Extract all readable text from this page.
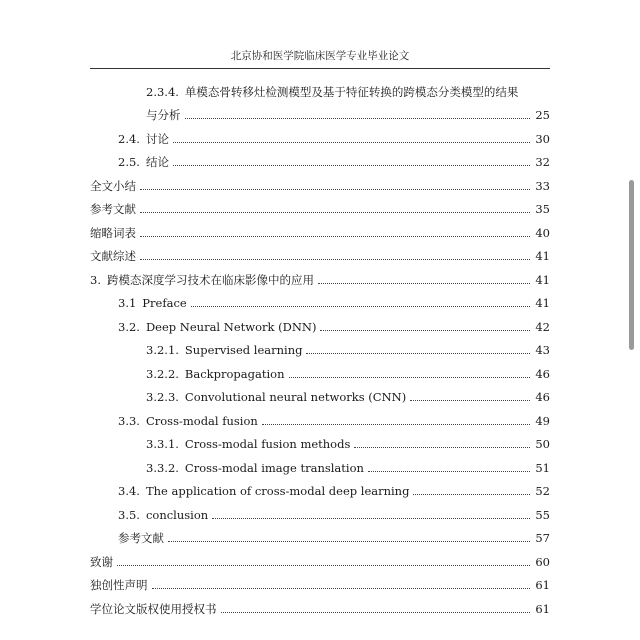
北京协和医学院临床医学专业毕业论文
2.3.4. 单模态骨转移灶检测模型及基于特征转换的跨模态分类模型的结果
与分析	25
2.4. 讨论	30
2.5. 结论	32
全文小结	33
参考文献	35
缩略词表	40
文献综述	41
3. 跨模态深度学习技术在临床影像中的应用	41
3.1 Preface	41
3.2. Deep Neural Network (DNN)	42
3.2.1. Supervised learning	43
3.2.2. Backpropagation	46
3.2.3. Convolutional neural networks (CNN)	46
3.3. Cross-modal fusion	49
3.3.1. Cross-modal fusion methods	50
3.3.2. Cross-modal image translation	51
3.4. The application of cross-modal deep learning	52
3.5. conclusion	55
参考文献	57
致谢	60
独创性声明	61
学位论文版权使用授权书	61
